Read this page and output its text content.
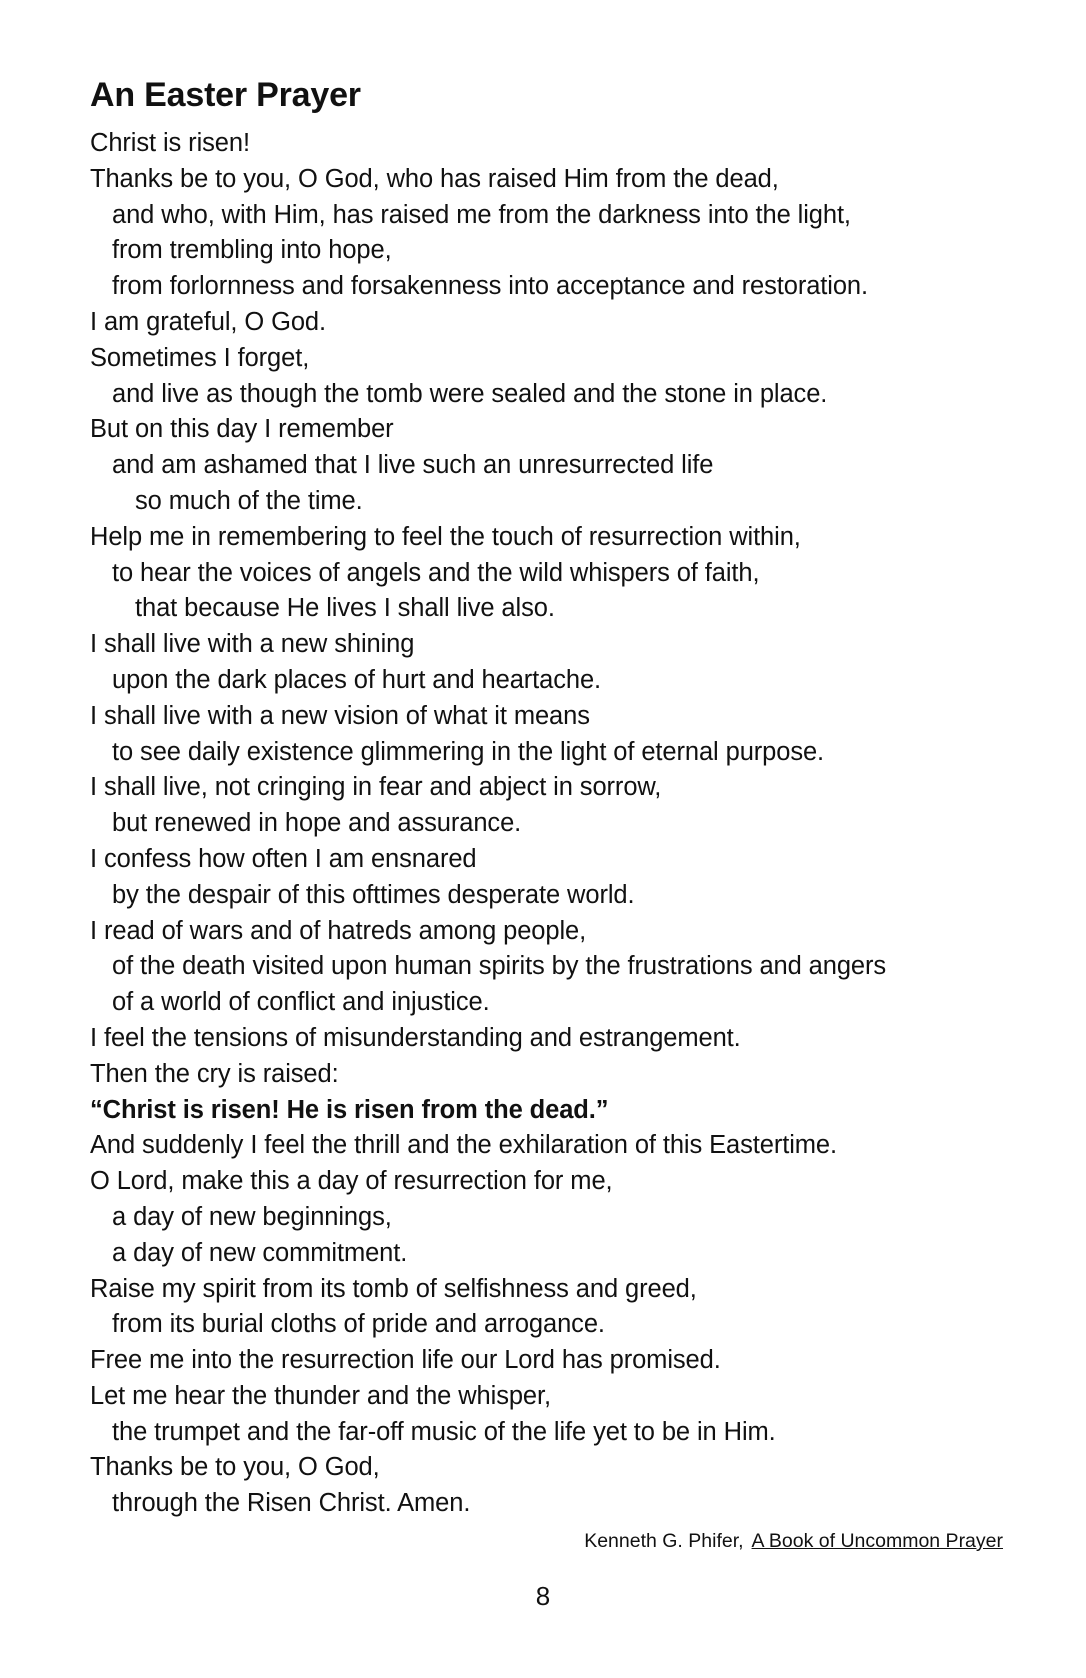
An Easter Prayer
Christ is risen!
Thanks be to you, O God, who has raised Him from the dead,
and who, with Him, has raised me from the darkness into the light,
from trembling into hope,
from forlornness and forsakenness into acceptance and restoration.
I am grateful, O God.
Sometimes I forget,
and live as though the tomb were sealed and the stone in place.
But on this day I remember
and am ashamed that I live such an unresurrected life
so much of the time.
Help me in remembering to feel the touch of resurrection within,
to hear the voices of angels and the wild whispers of faith,
that because He lives I shall live also.
I shall live with a new shining
upon the dark places of hurt and heartache.
I shall live with a new vision of what it means
to see daily existence glimmering in the light of eternal purpose.
I shall live, not cringing in fear and abject in sorrow,
but renewed in hope and assurance.
I confess how often I am ensnared
by the despair of this ofttimes desperate world.
I read of wars and of hatreds among people,
of the death visited upon human spirits by the frustrations and angers
of a world of conflict and injustice.
I feel the tensions of misunderstanding and estrangement.
Then the cry is raised:
“Christ is risen! He is risen from the dead.”
And suddenly I feel the thrill and the exhilaration of this Eastertime.
O Lord, make this a day of resurrection for me,
a day of new beginnings,
a day of new commitment.
Raise my spirit from its tomb of selfishness and greed,
from its burial cloths of pride and arrogance.
Free me into the resurrection life our Lord has promised.
Let me hear the thunder and the whisper,
the trumpet and the far-off music of the life yet to be in Him.
Thanks be to you, O God,
through the Risen Christ. Amen.
Kenneth G. Phifer, A Book of Uncommon Prayer
8
